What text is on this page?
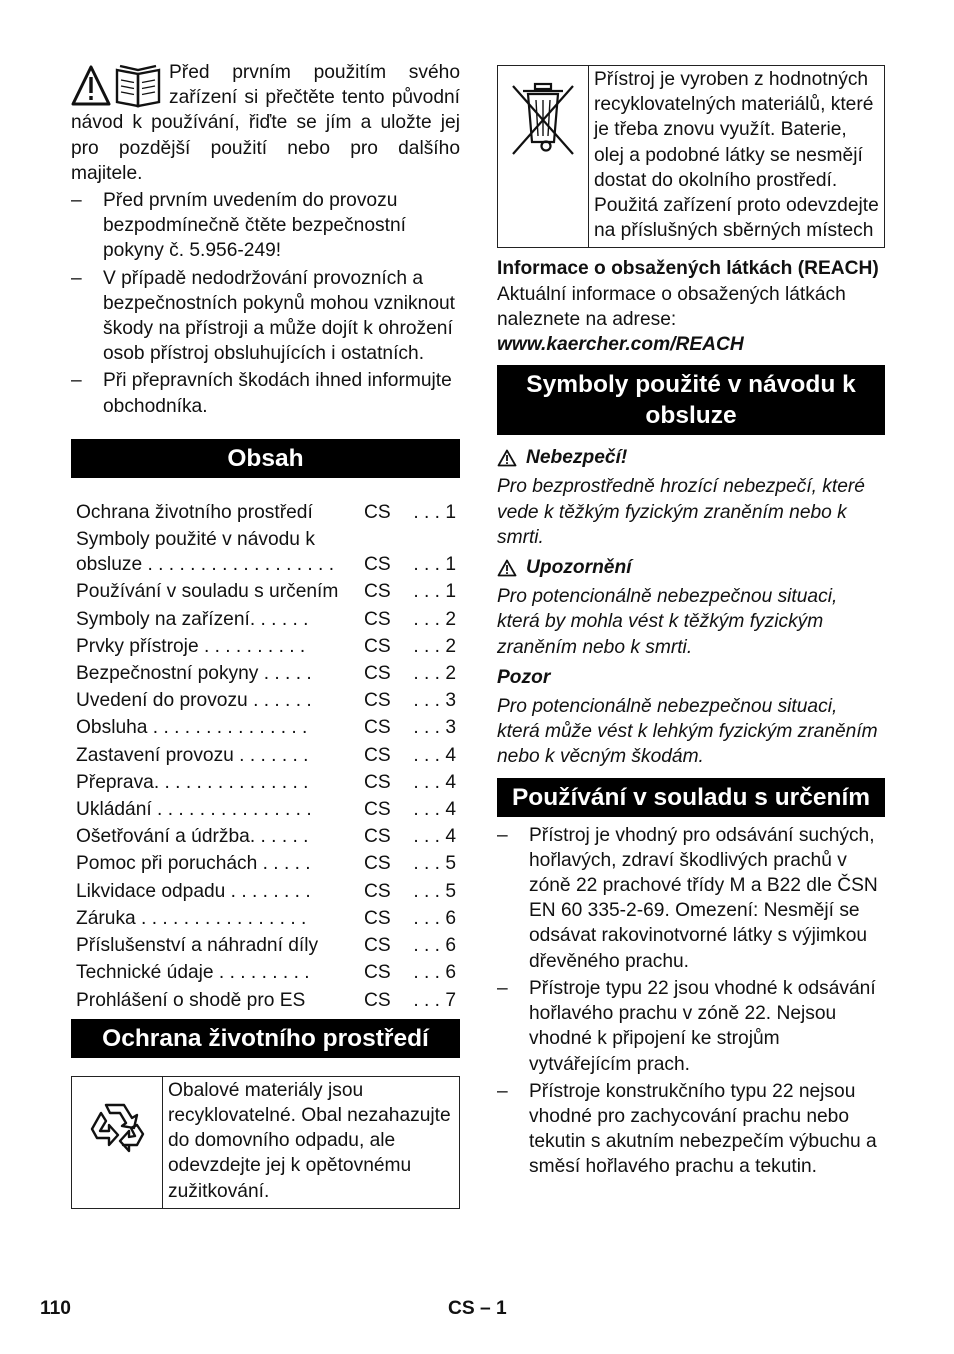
Před prvním použitím svého zařízení si přečtěte tento původní návod k používání, řiďte se jím a uložte jej pro pozdější použití nebo pro dalšího majitele.

– Před prvním uvedením do provozu bezpodmínečně čtěte bezpečnostní pokyny č. 5.956-249!
– V případě nedodržování provozních a bezpečnostních pokynů mohou vzniknout škody na přístroji a může dojít k ohrožení osob přístroj obsluhujících i ostatních.
– Při přepravních škodách ihned informujte obchodníka.
Obsah
Ochrana životního prostředí	CS	. . . 1
Symboly použité v návodu k obsluze . . . . . . . . . . . . . . . . . .	CS	. . . 1
Používání v souladu s určením	CS	. . . 1
Symboly na zařízení. . . . . .	CS	. . . 2
Prvky přístroje . . . . . . . . . .	CS	. . . 2
Bezpečnostní pokyny . . . . .	CS	. . . 2
Uvedení do provozu . . . . . .	CS	. . . 3
Obsluha . . . . . . . . . . . . . . .	CS	. . . 3
Zastavení provozu . . . . . . .	CS	. . . 4
Přeprava. . . . . . . . . . . . . . .	CS	. . . 4
Ukládání . . . . . . . . . . . . . . .	CS	. . . 4
Ošetřování a údržba. . . . . .	CS	. . . 4
Pomoc při poruchách . . . . .	CS	. . . 5
Likvidace odpadu . . . . . . . .	CS	. . . 5
Záruka . . . . . . . . . . . . . . . .	CS	. . . 6
Příslušenství a náhradní díly	CS	. . . 6
Technické údaje . . . . . . . . .	CS	. . . 6
Prohlášení o shodě pro ES	CS	. . . 7
Ochrana životního prostředí
	Obalové materiály jsou recyklovatelné. Obal nezahazujte do domovního odpadu, ale odevzdejte jej k opětovnému zužitkování.
	Přístroj je vyroben z hodnotných recyklovatelných materiálů, které je třeba znovu využít. Baterie, olej a podobné látky se nesmějí dostat do okolního prostředí. Použitá zařízení proto odevzdejte na příslušných sběrných místech
Informace o obsažených látkách (REACH)
Aktuální informace o obsažených látkách naleznete na adrese:
www.kaercher.com/REACH
Symboly použité v návodu k obsluze
Nebezpečí!
Pro bezprostředně hrozící nebezpečí, které vede k těžkým fyzickým zraněním nebo k smrti.
Upozornění
Pro potencionálně nebezpečnou situaci, která by mohla vést k těžkým fyzickým zraněním nebo k smrti.
Pozor
Pro potencionálně nebezpečnou situaci, která může vést k lehkým fyzickým zraněním nebo k věcným škodám.
Používání v souladu s určením
– Přístroj je vhodný pro odsávání suchých, hořlavých, zdraví škodlivých prachů v zóně 22 prachové třídy M a B22 dle ČSN EN 60 335-2-69. Omezení: Nesmějí se odsávat rakovinotvorné látky s výjimkou dřevěného prachu.
– Přístroje typu 22 jsou vhodné k odsávání hořlavého prachu v zóně 22. Nejsou vhodné k připojení ke strojům vytvářejícím prach.
– Přístroje konstrukčního typu 22 nejsou vhodné pro zachycování prachu nebo tekutin s akutním nebezpečím výbuchu a směsí hořlavého prachu a tekutin.
110	CS – 1
